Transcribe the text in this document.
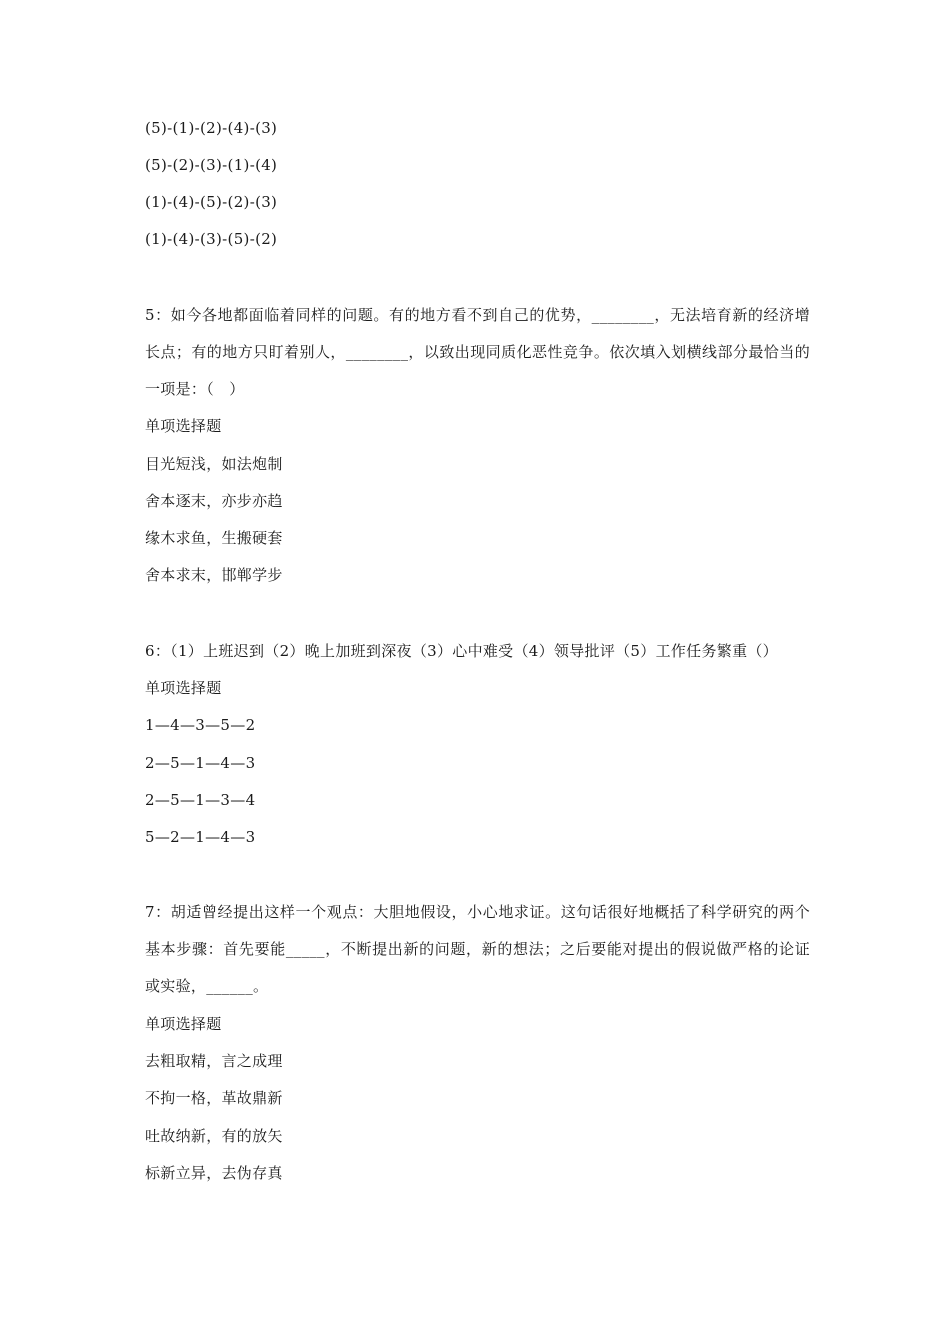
(5)-(1)-(2)-(4)-(3)
(5)-(2)-(3)-(1)-(4)
(1)-(4)-(5)-(2)-(3)
(1)-(4)-(3)-(5)-(2)
5：如今各地都面临着同样的问题。有的地方看不到自己的优势，________，无法培育新的经济增长点；有的地方只盯着别人，________，以致出现同质化恶性竞争。依次填入划横线部分最恰当的一项是：（　）
单项选择题
目光短浅，如法炮制
舍本逐末，亦步亦趋
缘木求鱼，生搬硬套
舍本求末，邯郸学步
6：（1）上班迟到（2）晚上加班到深夜（3）心中难受（4）领导批评（5）工作任务繁重（）
单项选择题
1—4—3—5—2
2—5—1—4—3
2—5—1—3—4
5—2—1—4—3
7：胡适曾经提出这样一个观点：大胆地假设，小心地求证。这句话很好地概括了科学研究的两个基本步骤：首先要能_____，不断提出新的问题，新的想法；之后要能对提出的假说做严格的论证或实验，______。
单项选择题
去粗取精，言之成理
不拘一格，革故鼎新
吐故纳新，有的放矢
标新立异，去伪存真
